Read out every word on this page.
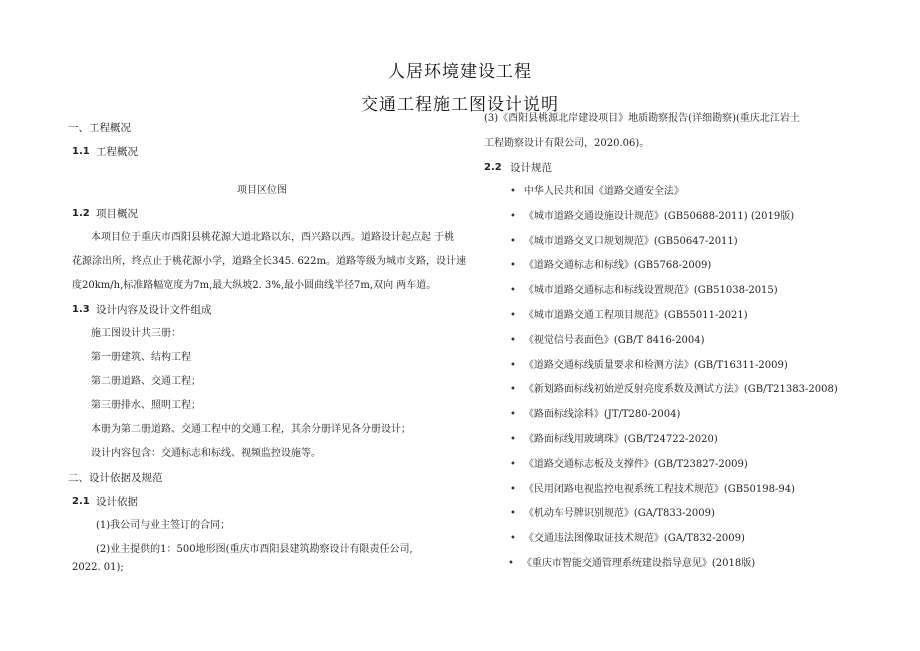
人居环境建设工程
交通工程施工图设计说明
一、工程概况
1.1 工程概况
项目区位图
1.2 项目概况
本项目位于重庆市酉阳县桃花源大道北路以东，酉兴路以西。道路设计起点起 于桃
花源涂出所，终点止于桃花源小学，道路全长345. 622m。道路等级为城市支路，设计速
度20km/h,标准路幅宽度为7m,最大纵坡2. 3%,最小圆曲线半径7m,双向 两车道。
1.3 设计内容及设计文件组成
施工图设计共三册：
第一册建筑、结构工程
第二册道路、交通工程；
第三册排水、照明工程；
本册为第二册道路、交通工程中的交通工程，其余分册详见各分册设计；
设计内容包含：交通标志和标线、视频监控设施等。
二、设计依据及规范
2.1 设计依据
(1)我公司与业主签订的合同；
(2)业主提供的1：500地形图(重庆市酉阳县建筑勘察设计有限责任公司,
2022. 01);
(3)《酉阳县桃源北岸建设项目》地质勘察报告(详细勘察)(重庆北江岩土
工程勘察设计有限公司，2020.06)。
2.2 设计规范
• 中华人民共和国《道路交通安全法》
• 《城市道路交通设施设计规范》(GB50688-2011) (2019版)
• 《城市道路交叉口规划规范》(GB50647-2011)
• 《道路交通标志和标线》(GB5768-2009)
• 《城市道路交通标志和标线设置规范》(GB51038-2015)
• 《城市道路交通工程项目规范》(GB55011-2021)
• 《视觉信号表面色》(GB/T 8416-2004)
• 《道路交通标线质量要求和检测方法》(GB/T16311-2009)
• 《新划路面标线初始逆反射亮度系数及测试方法》(GB/T21383-2008)
• 《路面标线涂料》(JT/T280-2004)
• 《路面标线用玻璃珠》(GB/T24722-2020)
• 《道路交通标志板及支撑件》(GB/T23827-2009)
• 《民用闭路电视监控电视系统工程技术规范》(GB50198-94)
• 《机动车号牌识别规范》(GA/T833-2009)
• 《交通违法图像取证技术规范》(GA/T832-2009)
• 《重庆市智能交通管理系统建设指导意见》(2018版)
